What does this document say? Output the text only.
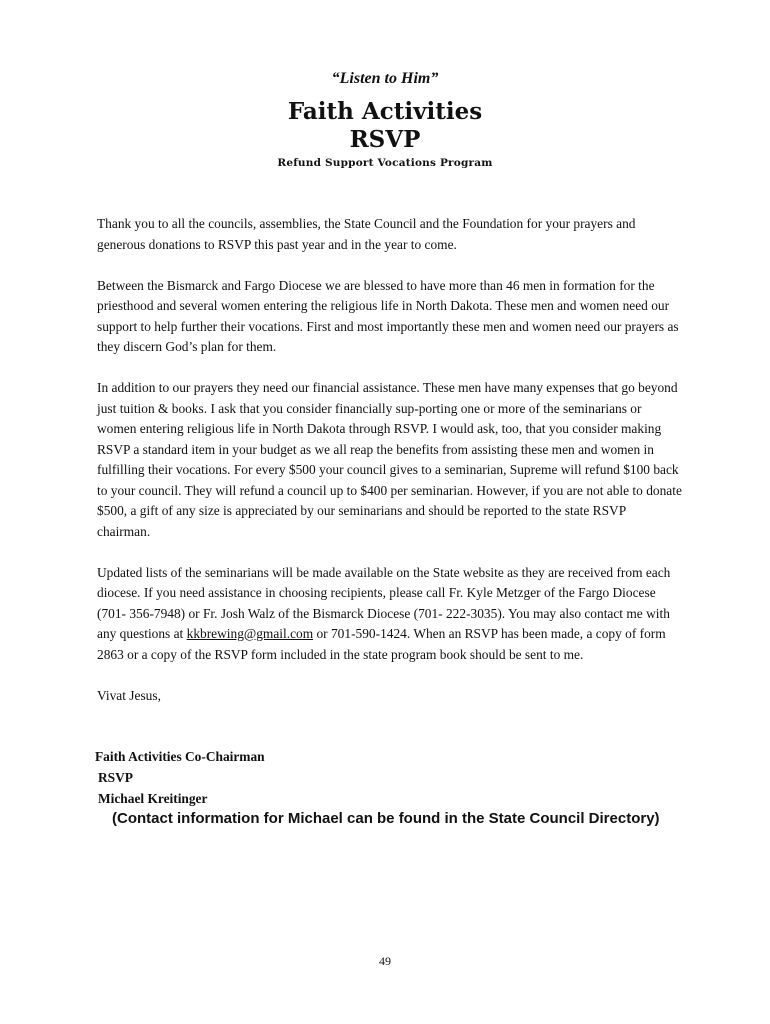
“Listen to Him”
Faith Activities
RSVP
Refund Support Vocations Program

Thank you to all the councils, assemblies, the State Council and the Foundation for your prayers and generous donations to RSVP this past year and in the year to come.

Between the Bismarck and Fargo Diocese we are blessed to have more than 46 men in formation for the priesthood and several women entering the religious life in North Dakota. These men and women need our support to help further their vocations. First and most importantly these men and women need our prayers as they discern God’s plan for them.

In addition to our prayers they need our financial assistance. These men have many expenses that go beyond just tuition & books. I ask that you consider financially sup-porting one or more of the seminarians or women entering religious life in North Dakota through RSVP. I would ask, too, that you consider making RSVP a standard item in your budget as we all reap the benefits from assisting these men and women in fulfilling their vocations. For every $500 your council gives to a seminarian, Supreme will refund $100 back to your council. They will refund a council up to $400 per seminarian. However, if you are not able to donate $500, a gift of any size is appreciated by our seminarians and should be reported to the state RSVP chairman.

Updated lists of the seminarians will be made available on the State website as they are received from each diocese. If you need assistance in choosing recipients, please call Fr. Kyle Metzger of the Fargo Diocese (701- 356-7948) or Fr. Josh Walz of the Bismarck Diocese (701- 222-3035). You may also contact me with any questions at kkbrewing@gmail.com or 701-590-1424. When an RSVP has been made, a copy of form 2863 or a copy of the RSVP form included in the state program book should be sent to me.

Vivat Jesus,

Faith Activities Co-Chairman
RSVP
Michael Kreitinger
(Contact information for Michael can be found in the State Council Directory)
49
